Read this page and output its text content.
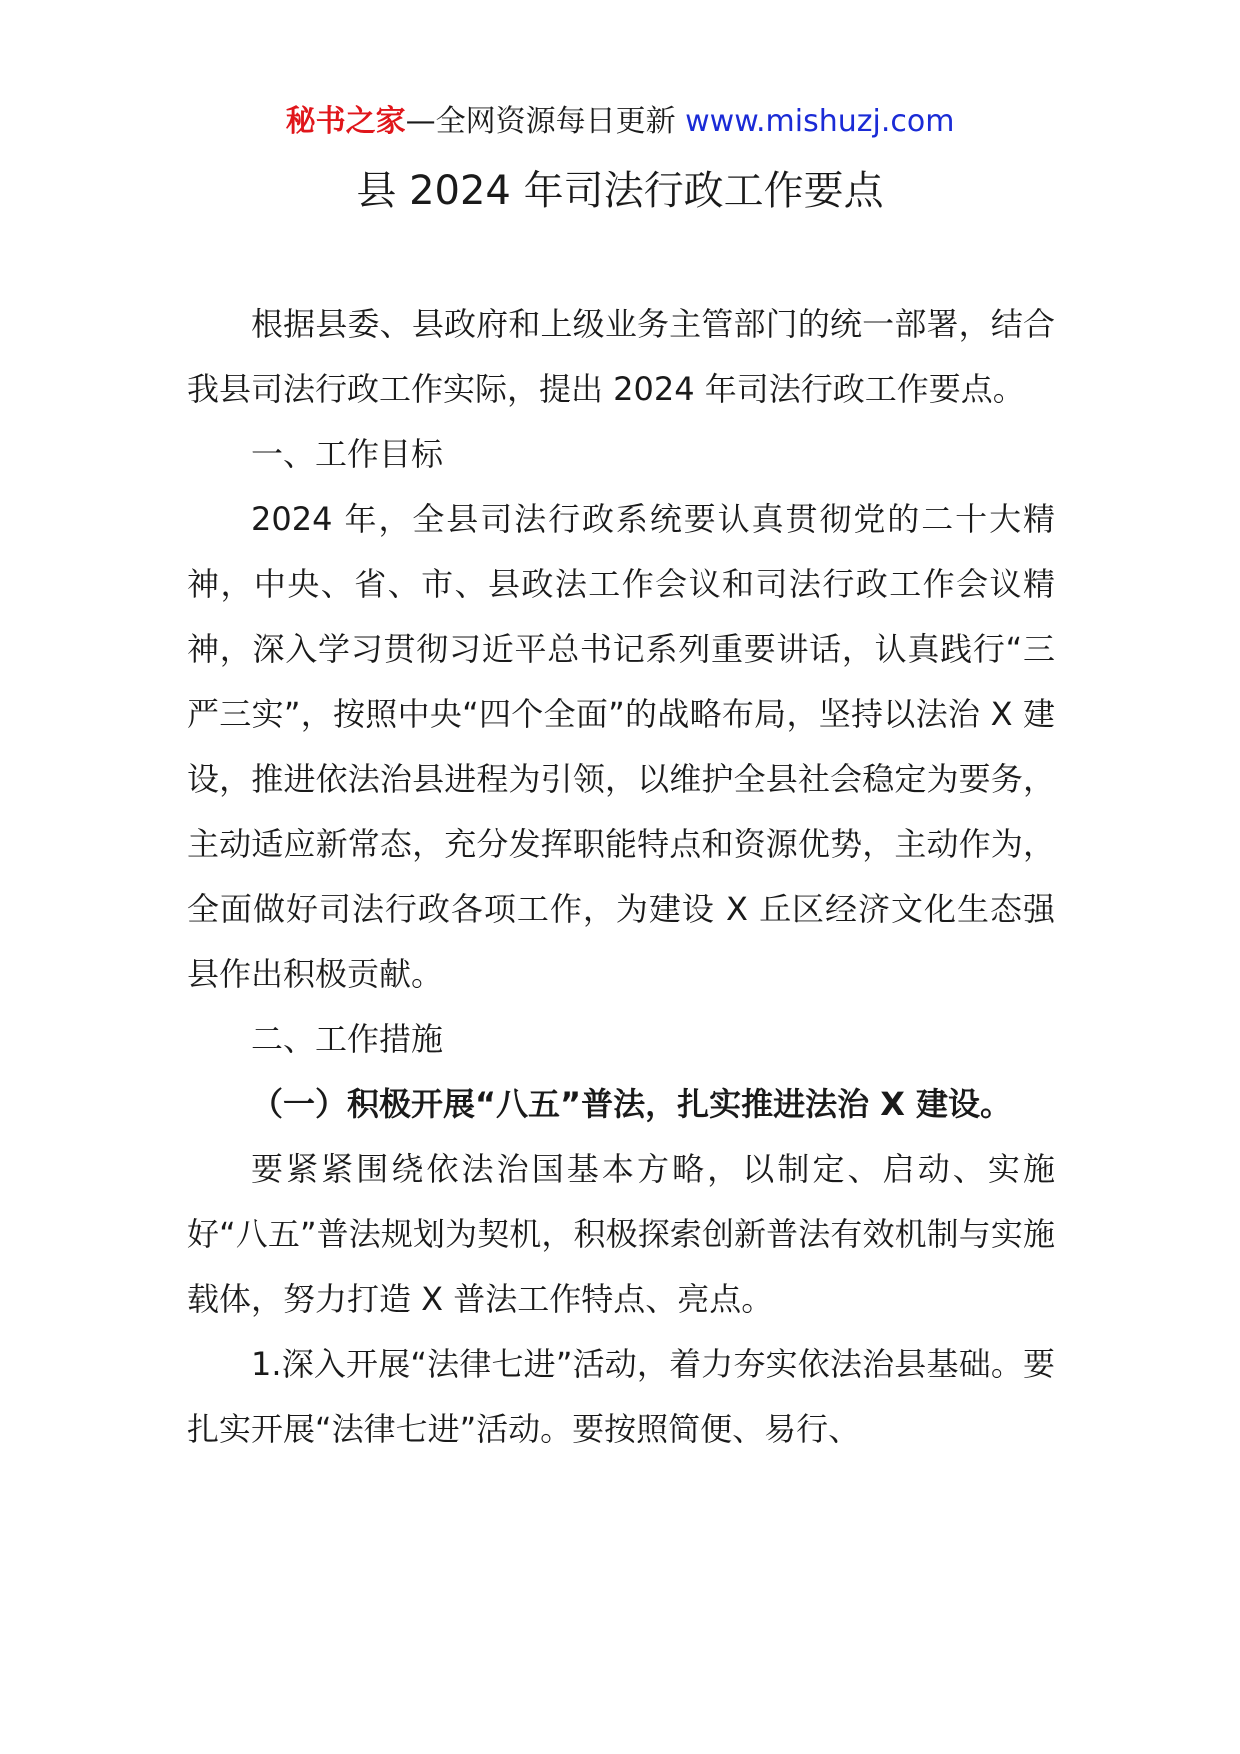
秘书之家—全网资源每日更新 www.mishuzj.com
县 2024 年司法行政工作要点

根据县委、县政府和上级业务主管部门的统一部署，结合我县司法行政工作实际，提出 2024 年司法行政工作要点。

一、工作目标

2024 年，全县司法行政系统要认真贯彻党的二十大精神，中央、省、市、县政法工作会议和司法行政工作会议精神，深入学习贯彻习近平总书记系列重要讲话，认真践行“三严三实”，按照中央“四个全面”的战略布局，坚持以法治 X 建设，推进依法治县进程为引领，以维护全县社会稳定为要务，主动适应新常态，充分发挥职能特点和资源优势，主动作为，全面做好司法行政各项工作，为建设 X 丘区经济文化生态强县作出积极贡献。

二、工作措施

（一）积极开展“八五”普法，扎实推进法治 X 建设。

要紧紧围绕依法治国基本方略，以制定、启动、实施好“八五”普法规划为契机，积极探索创新普法有效机制与实施载体，努力打造 X 普法工作特点、亮点。

1.深入开展“法律七进”活动，着力夯实依法治县基础。要扎实开展“法律七进”活动。要按照简便、易行、
